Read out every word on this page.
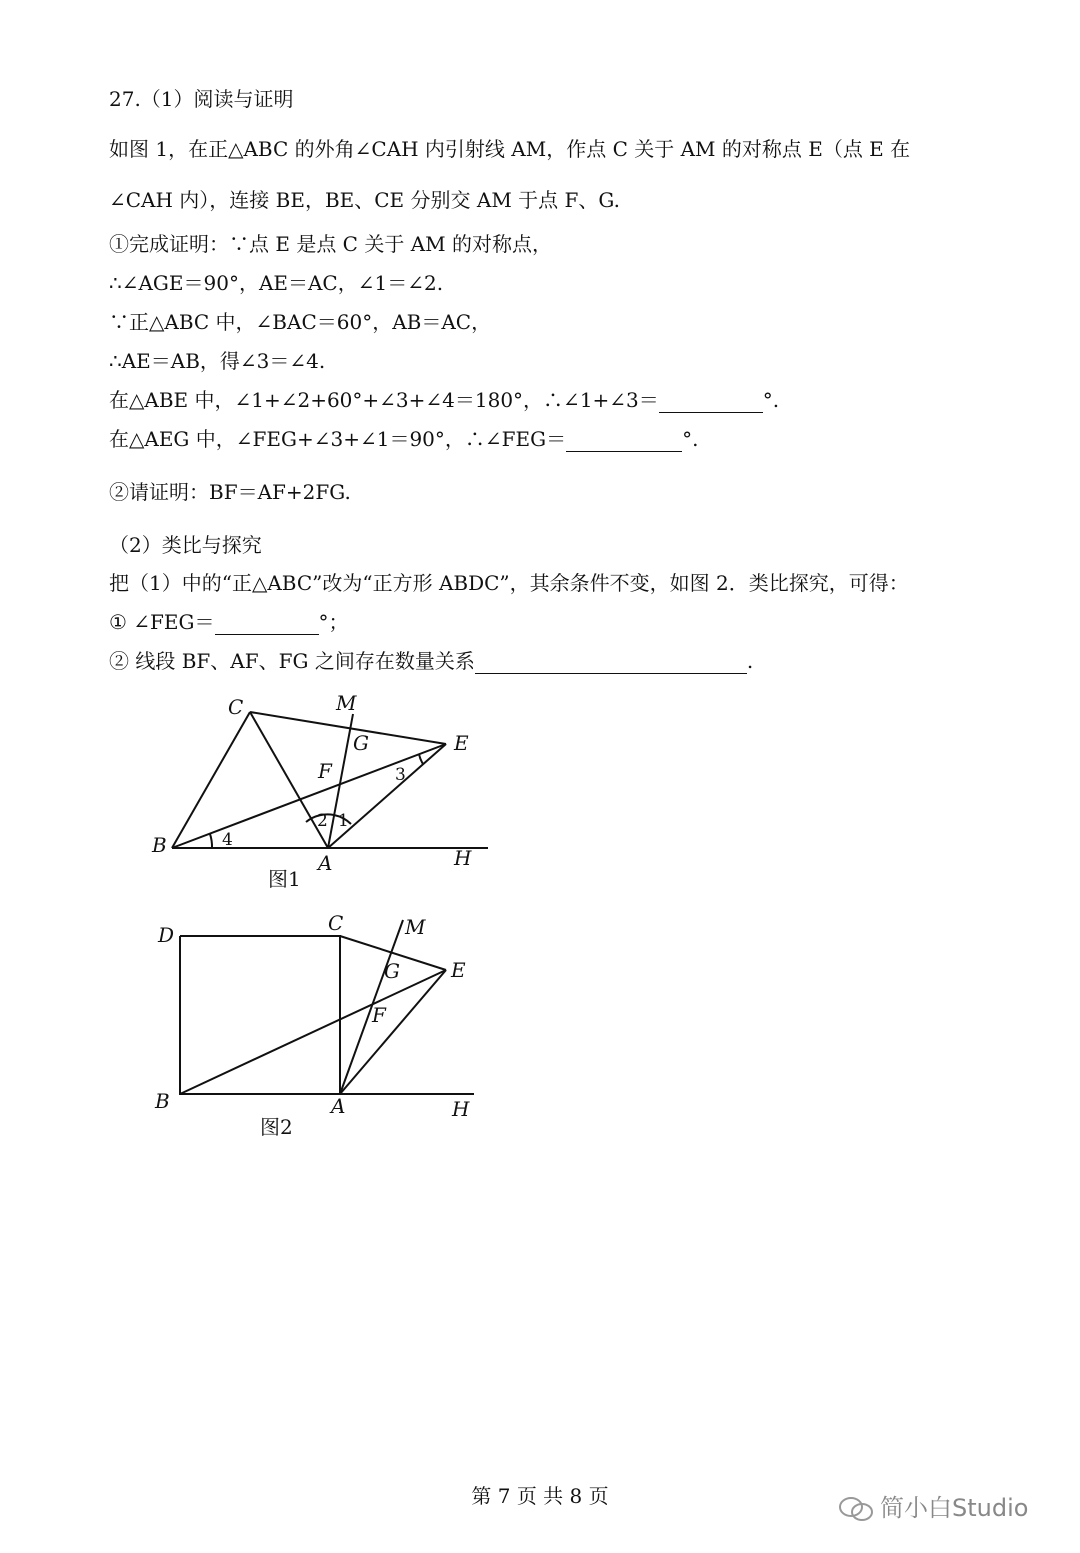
27.（1）阅读与证明
如图 1，在正△ABC 的外角∠CAH 内引射线 AM，作点 C 关于 AM 的对称点 E（点 E 在
∠CAH 内），连接 BE，BE、CE 分别交 AM 于点 F、G.
①完成证明：∵点 E 是点 C 关于 AM 的对称点，
∴∠AGE＝90°，AE＝AC，∠1＝∠2.
∵正△ABC 中，∠BAC＝60°，AB＝AC，
∴AE＝AB，得∠3＝∠4.
在△ABE 中，∠1+∠2+60°+∠3+∠4＝180°，∴∠1+∠3＝	°.
在△AEG 中，∠FEG+∠3+∠1＝90°，∴∠FEG＝	°.
②请证明：BF＝AF+2FG.
（2）类比与探究
把（1）中的“正△ABC”改为“正方形 ABDC”，其余条件不变，如图 2．类比探究，可得：
① ∠FEG＝	°；
② 线段 BF、AF、FG 之间存在数量关系	.
C	M
G	E
F	3
2 1
4
B
A	H
图1
D	C	M
G	E
F
B	A	H
图2
第 7 页 共 8 页	简小白Studio
